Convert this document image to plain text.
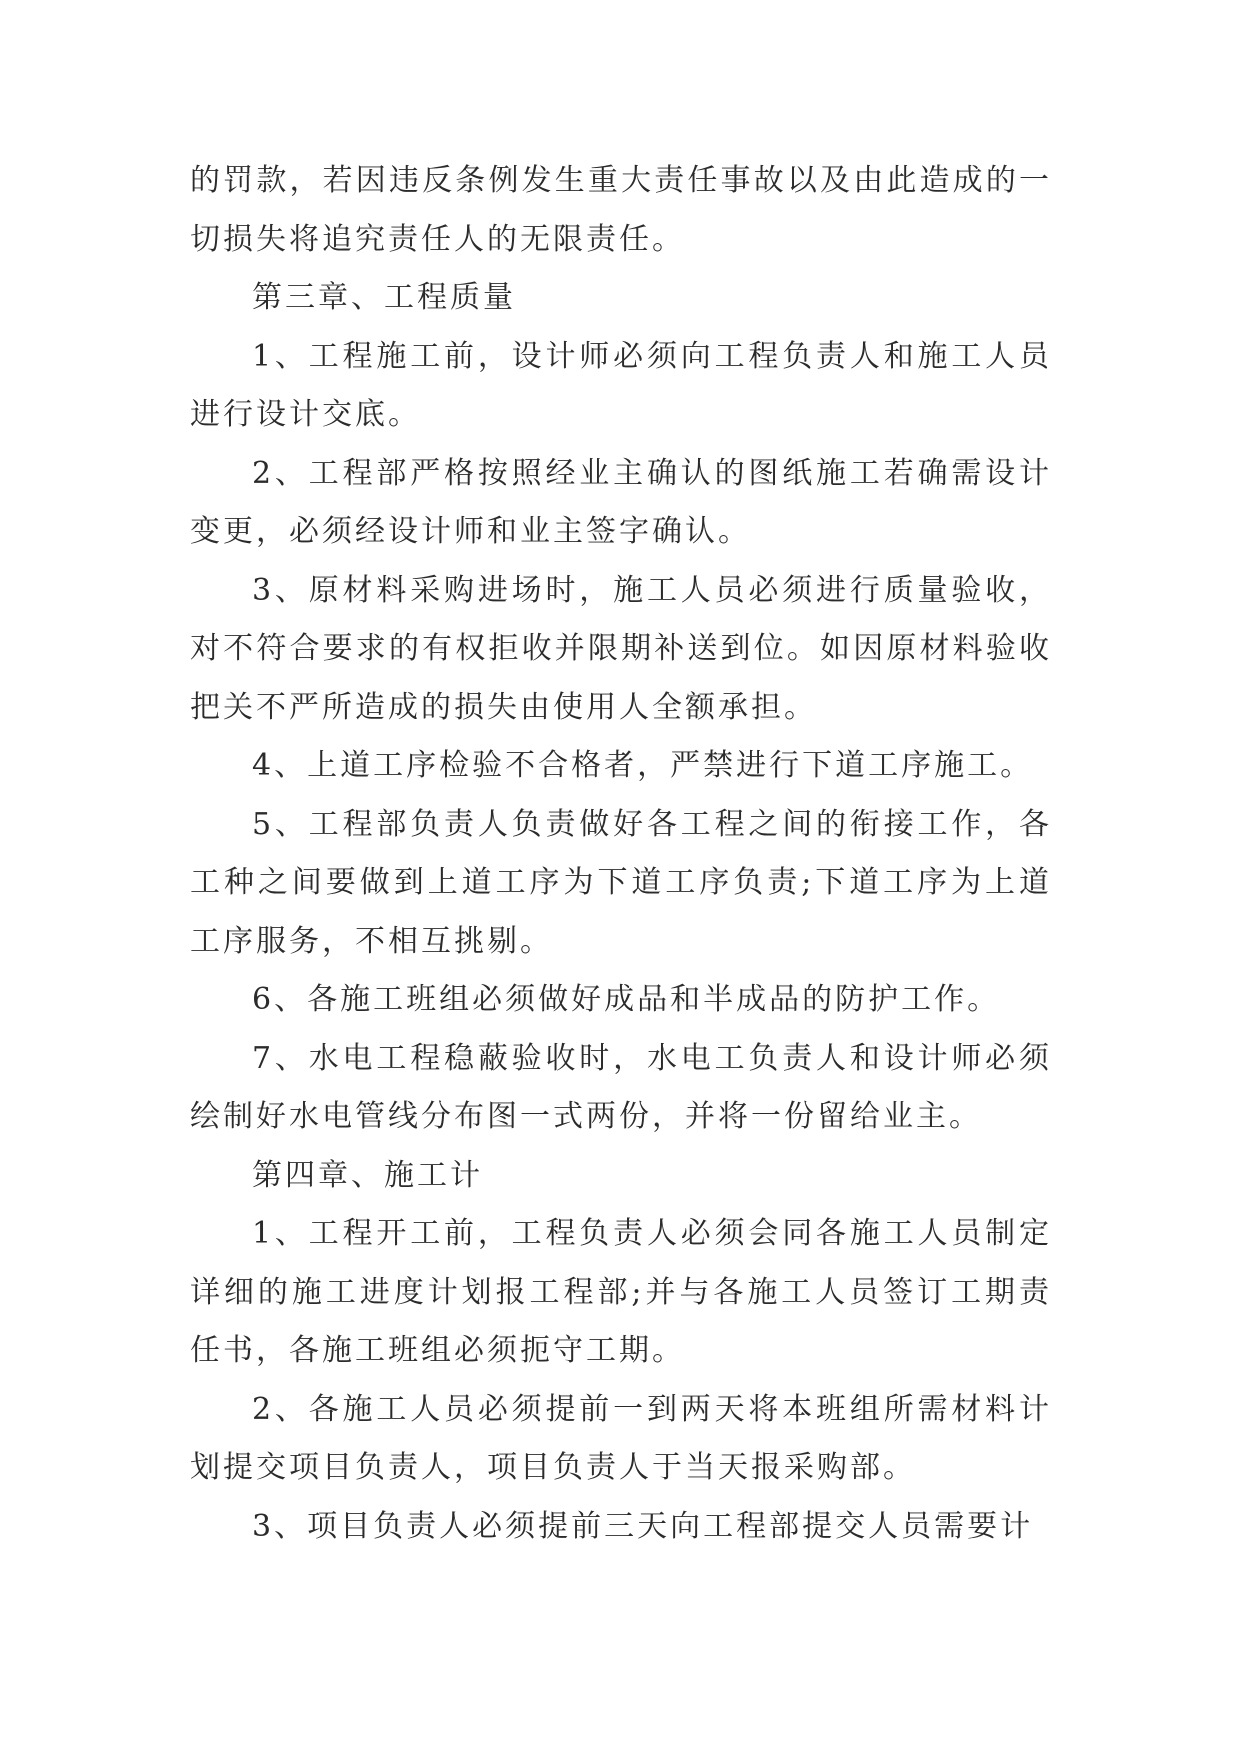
的罚款，若因违反条例发生重大责任事故以及由此造成的一切损失将追究责任人的无限责任。

第三章、工程质量

1、工程施工前，设计师必须向工程负责人和施工人员进行设计交底。

2、工程部严格按照经业主确认的图纸施工若确需设计变更，必须经设计师和业主签字确认。

3、原材料采购进场时，施工人员必须进行质量验收，对不符合要求的有权拒收并限期补送到位。如因原材料验收把关不严所造成的损失由使用人全额承担。

4、上道工序检验不合格者，严禁进行下道工序施工。

5、工程部负责人负责做好各工程之间的衔接工作，各工种之间要做到上道工序为下道工序负责;下道工序为上道工序服务，不相互挑剔。

6、各施工班组必须做好成品和半成品的防护工作。

7、水电工程稳蔽验收时，水电工负责人和设计师必须绘制好水电管线分布图一式两份，并将一份留给业主。

第四章、施工计

1、工程开工前，工程负责人必须会同各施工人员制定详细的施工进度计划报工程部;并与各施工人员签订工期责任书，各施工班组必须扼守工期。

2、各施工人员必须提前一到两天将本班组所需材料计划提交项目负责人，项目负责人于当天报采购部。

3、项目负责人必须提前三天向工程部提交人员需要计
